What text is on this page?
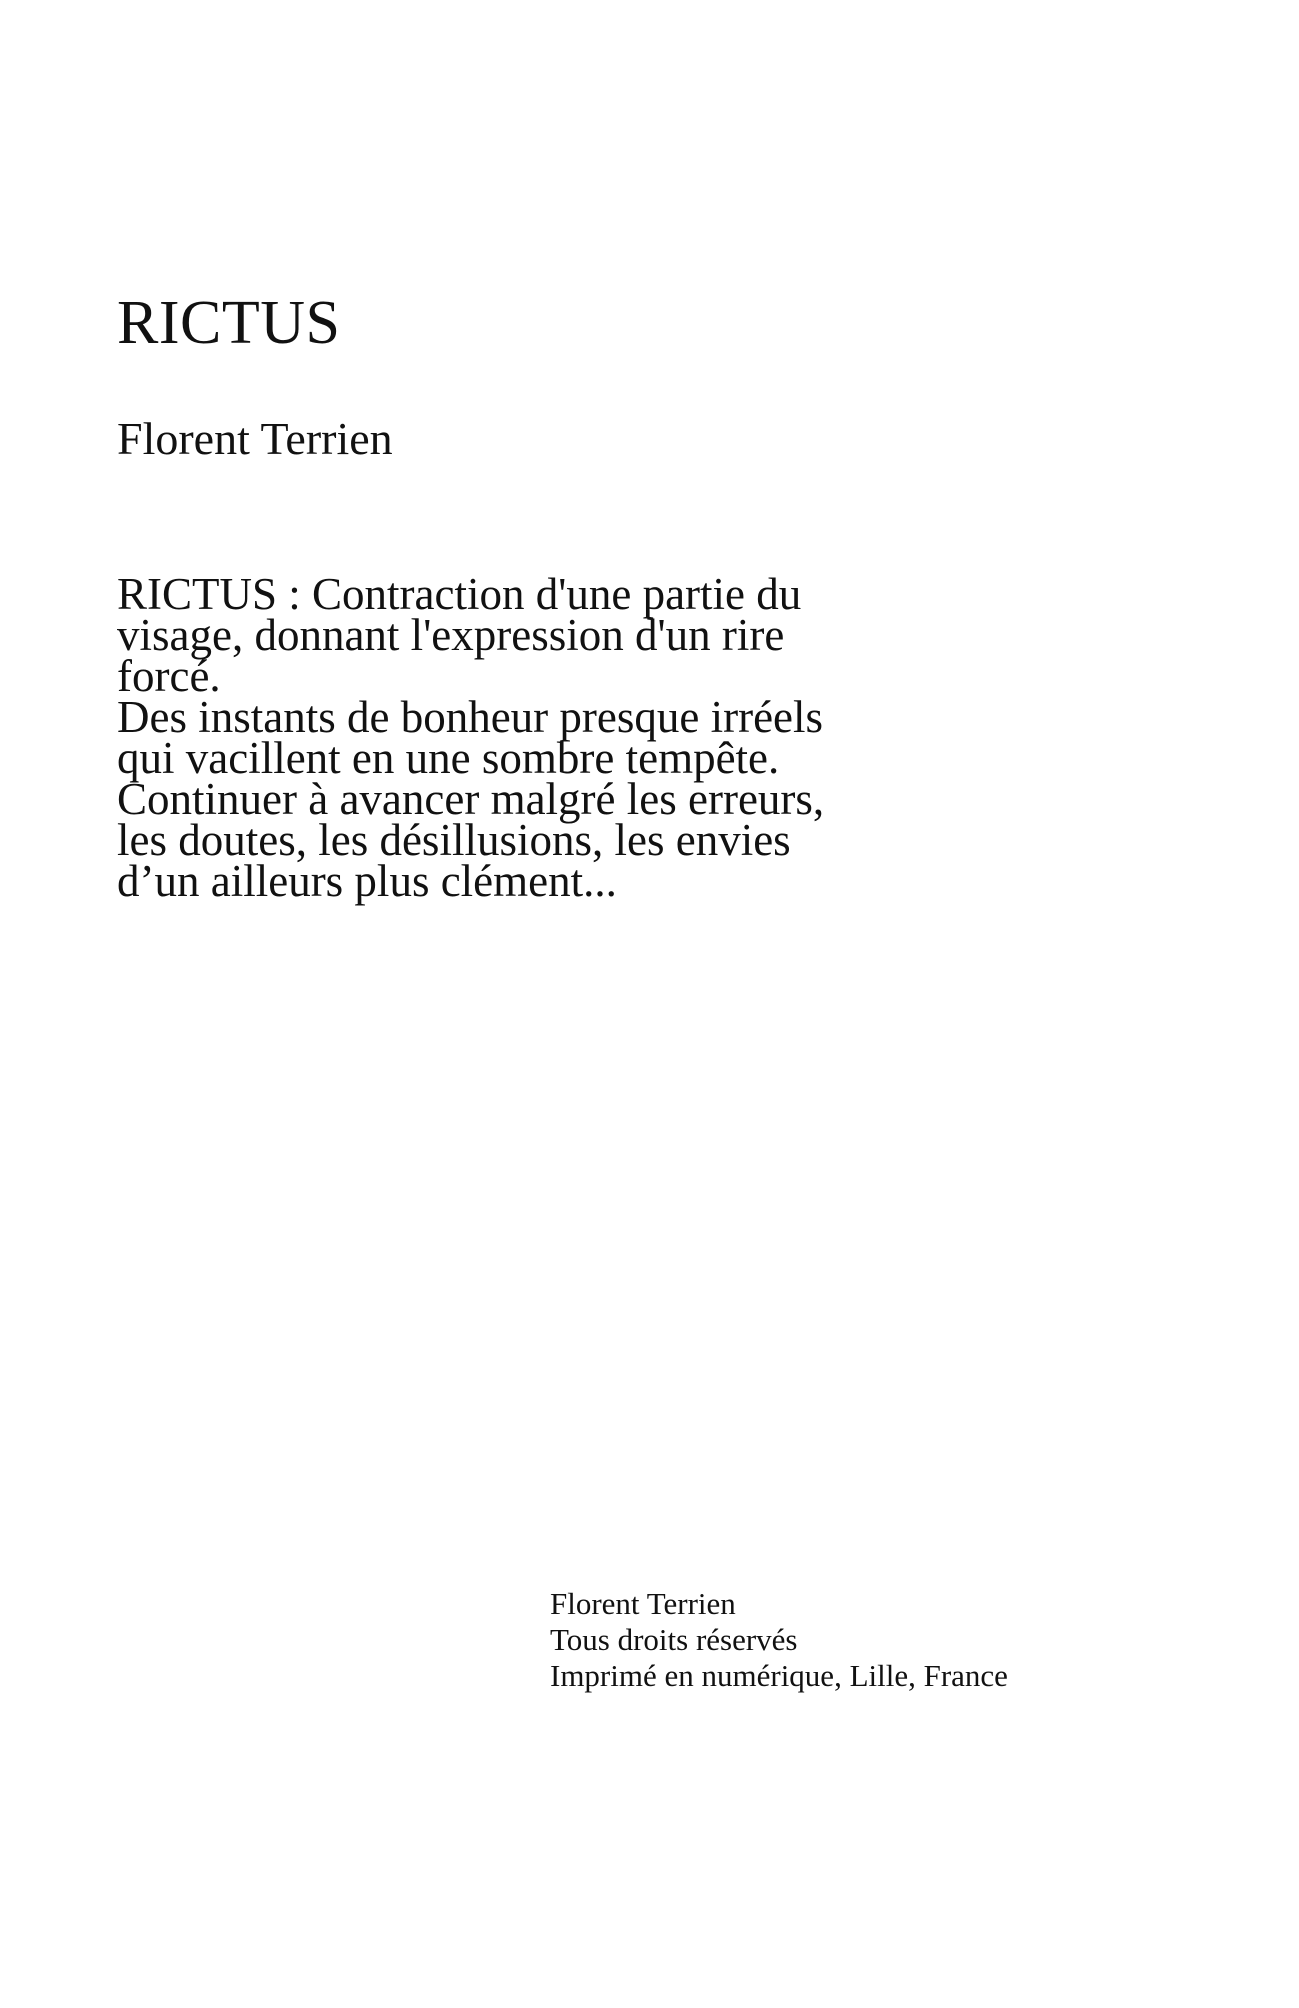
RICTUS
Florent Terrien
RICTUS : Contraction d'une partie du
visage, donnant l'expression d'un rire
forcé.
Des instants de bonheur presque irréels
qui vacillent en une sombre tempête.
Continuer à avancer malgré les erreurs,
les doutes, les désillusions, les envies
d’un ailleurs plus clément...
Florent Terrien
Tous droits réservés
Imprimé en numérique, Lille, France
